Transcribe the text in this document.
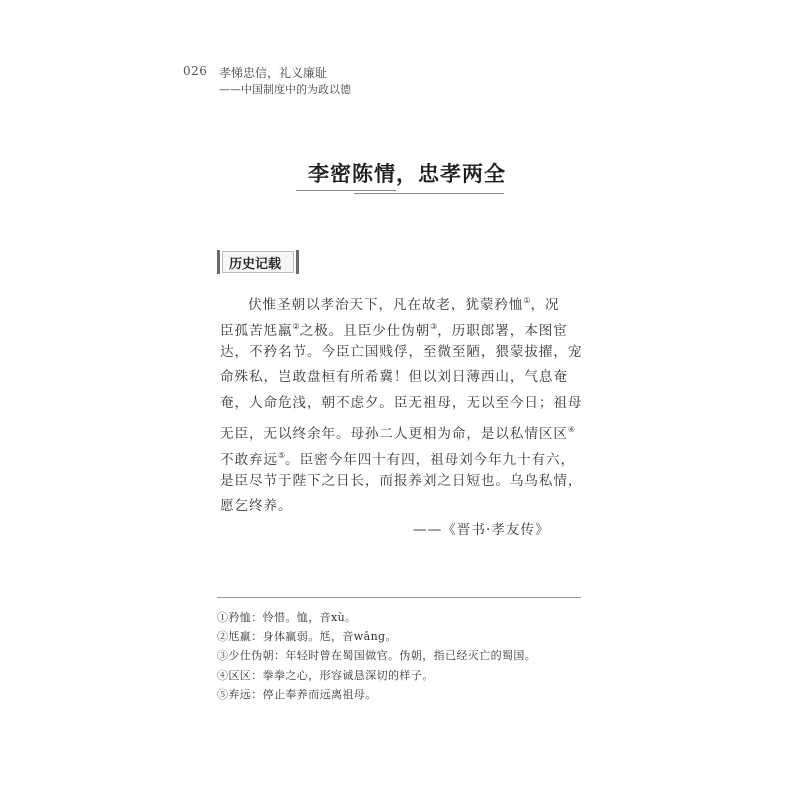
026 孝悌忠信，礼义廉耻
——中国制度中的为政以德
李密陈情，忠孝两全
历史记载
伏惟圣朝以孝治天下，凡在故老，犹蒙矜恤①，况
臣孤苦尪羸②之极。且臣少仕伪朝③，历职郎署，本图宦
达，不矜名节。今臣亡国贱俘，至微至陋，猥蒙拔擢，宠
命殊私，岂敢盘桓有所希冀！但以刘日薄西山，气息奄
奄，人命危浅，朝不虑夕。臣无祖母，无以至今日；祖母
无臣，无以终余年。母孙二人更相为命，是以私情区区④
不敢弃远⑤。臣密今年四十有四，祖母刘今年九十有六，
是臣尽节于陛下之日长，而报养刘之日短也。乌鸟私情，
愿乞终养。
——《晋书·孝友传》
①矜恤：怜惜。恤，音xù。
②尪羸：身体羸弱。尪，音wāng。
③少仕伪朝：年轻时曾在蜀国做官。伪朝，指已经灭亡的蜀国。
④区区：拳拳之心，形容诚恳深切的样子。
⑤弃远：停止奉养而远离祖母。
